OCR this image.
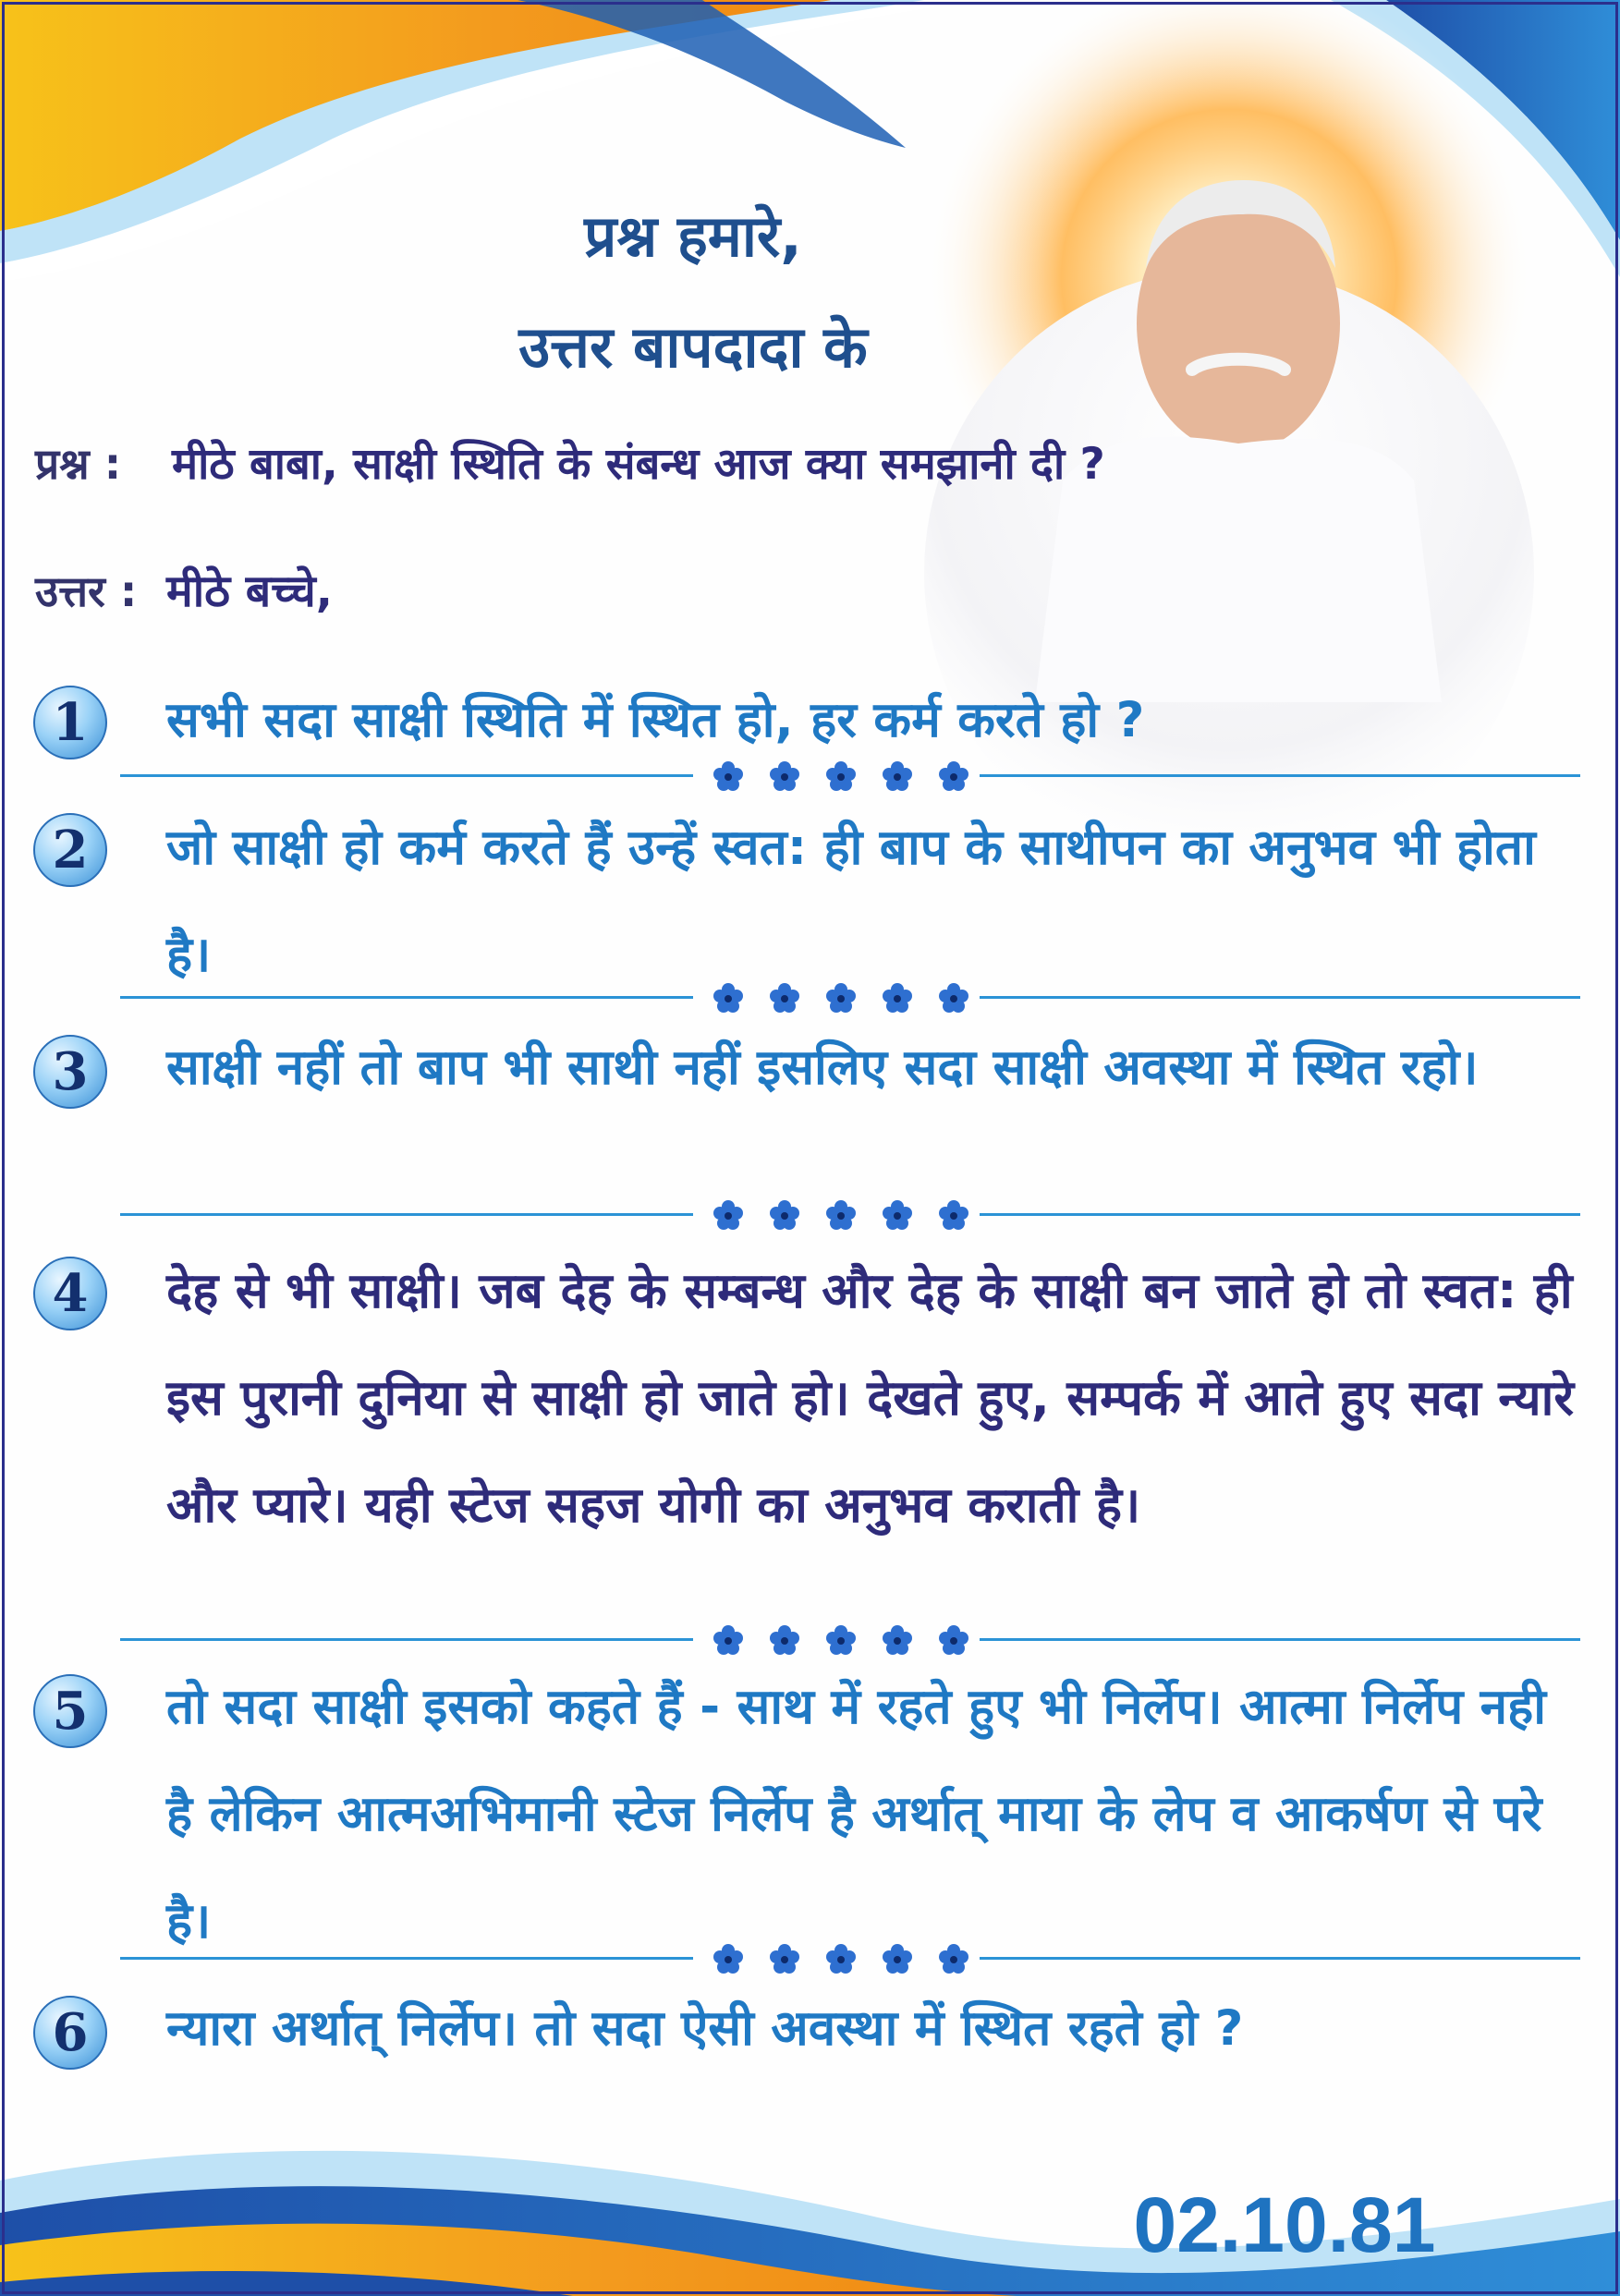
प्रश्न हमारे,
उत्तर बापदादा के
प्रश्न : मीठे बाबा, साक्षी स्थिति के संबन्ध आज क्या समझानी दी ?
उत्तर : मीठे बच्चे,
1	सभी सदा साक्षी स्थिति में स्थित हो, हर कर्म करते हो ?
2	जो साक्षी हो कर्म करते हैं उन्हें स्वत: ही बाप के साथीपन का अनुभव भी होता है।
3	साक्षी नहीं तो बाप भी साथी नहीं इसलिए सदा साक्षी अवस्था में स्थित रहो।
4	देह से भी साक्षी। जब देह के सम्बन्ध और देह के साक्षी बन जाते हो तो स्वत: ही इस पुरानी दुनिया से साक्षी हो जाते हो। देखते हुए, सम्पर्क में आते हुए सदा न्यारे और प्यारे। यही स्टेज सहज योगी का अनुभव कराती है।
5	तो सदा साक्षी इसको कहते हैं - साथ में रहते हुए भी निर्लेप। आत्मा निर्लेप नही है लेकिन आत्मअभिमानी स्टेज निर्लेप है अर्थात् माया के लेप व आकर्षण से परे है।
6	न्यारा अर्थात् निर्लेप। तो सदा ऐसी अवस्था में स्थित रहते हो ?
02.10.81
